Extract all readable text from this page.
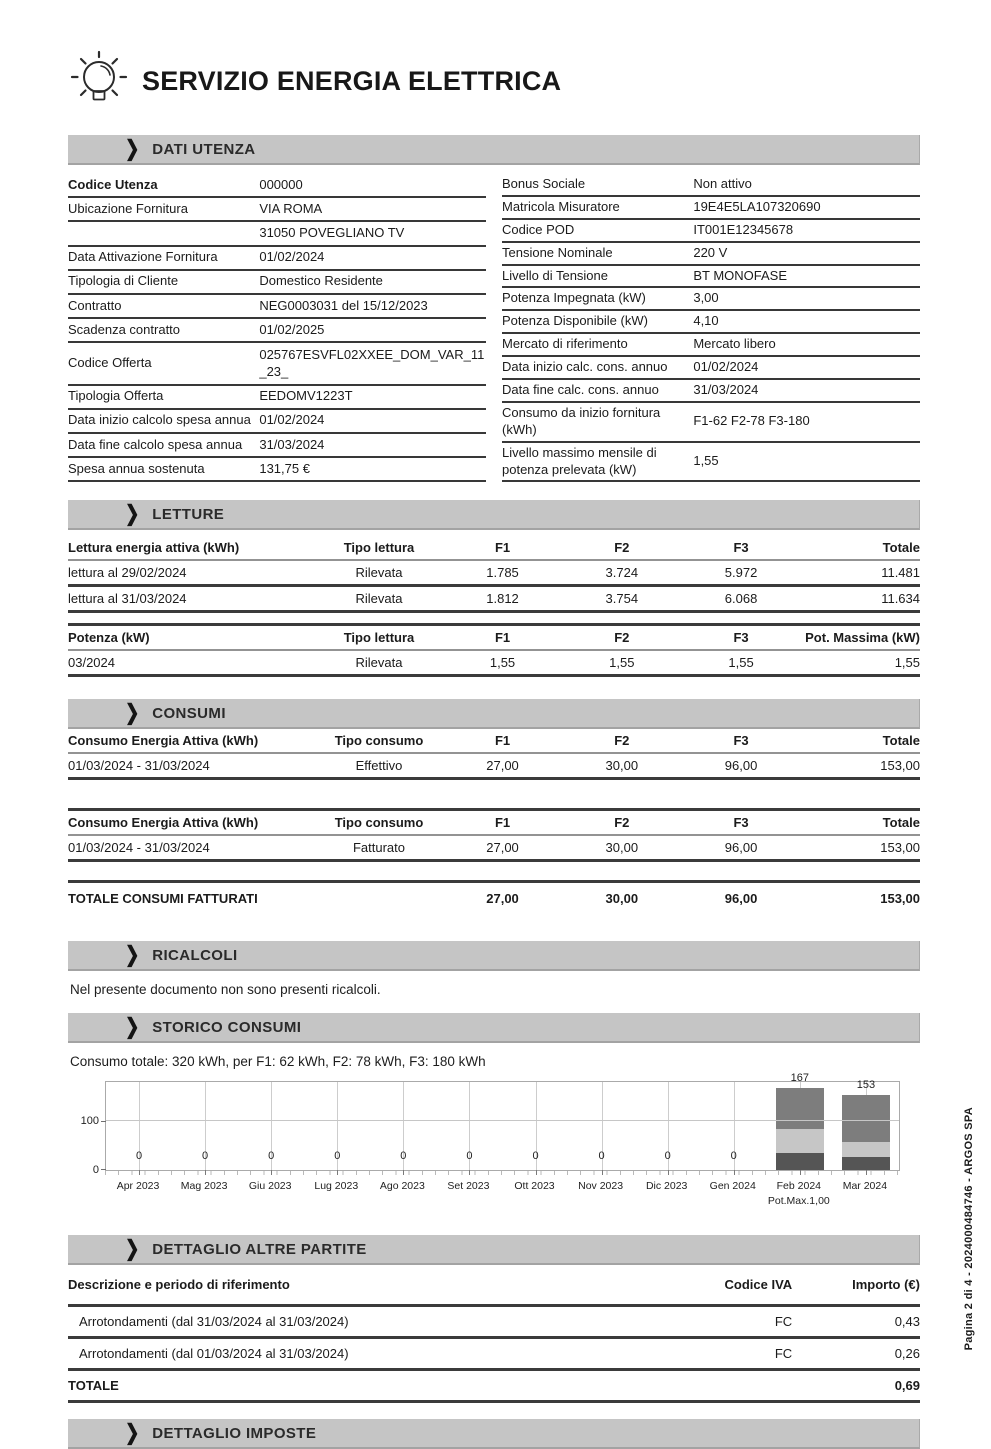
SERVIZIO ENERGIA ELETTRICA
❯ DATI UTENZA
Codice Utenza	000000
Ubicazione Fornitura	VIA ROMA
	31050 POVEGLIANO TV
Data Attivazione Fornitura	01/02/2024
Tipologia di Cliente	Domestico Residente
Contratto	NEG0003031 del 15/12/2023
Scadenza contratto	01/02/2025
Codice Offerta	025767ESVFL02XXEE_DOM_VAR_11_23_
Tipologia Offerta	EEDOMV1223T
Data inizio calcolo spesa annua	01/02/2024
Data fine calcolo spesa annua	31/03/2024
Spesa annua sostenuta	131,75 €
Bonus Sociale	Non attivo
Matricola Misuratore	19E4E5LA107320690
Codice POD	IT001E12345678
Tensione Nominale	220 V
Livello di Tensione	BT MONOFASE
Potenza Impegnata (kW)	3,00
Potenza Disponibile (kW)	4,10
Mercato di riferimento	Mercato libero
Data inizio calc. cons. annuo	01/02/2024
Data fine calc. cons. annuo	31/03/2024
Consumo da inizio fornitura (kWh)	F1-62 F2-78 F3-180
Livello massimo mensile di potenza prelevata (kW)	1,55
❯ LETTURE
Lettura energia attiva (kWh)	Tipo lettura	F1	F2	F3	Totale
lettura al 29/02/2024	Rilevata	1.785	3.724	5.972	11.481
lettura al 31/03/2024	Rilevata	1.812	3.754	6.068	11.634
Potenza (kW)	Tipo lettura	F1	F2	F3	Pot. Massima (kW)
03/2024	Rilevata	1,55	1,55	1,55	1,55
❯ CONSUMI
Consumo Energia Attiva (kWh)	Tipo consumo	F1	F2	F3	Totale
01/03/2024 - 31/03/2024	Effettivo	27,00	30,00	96,00	153,00
Consumo Energia Attiva (kWh)	Tipo consumo	F1	F2	F3	Totale
01/03/2024 - 31/03/2024	Fatturato	27,00	30,00	96,00	153,00
TOTALE CONSUMI FATTURATI	27,00	30,00	96,00	153,00
❯ RICALCOLI
Nel presente documento non sono presenti ricalcoli.
❯ STORICO CONSUMI
Consumo totale: 320 kWh, per F1: 62 kWh, F2: 78 kWh, F3: 180 kWh
0	0	0	0	0	0	0	0	0	0
167
153
0
100
Apr 2023	Mag 2023	Giu 2023	Lug 2023	Ago 2023	Set 2023	Ott 2023	Nov 2023	Dic 2023	Gen 2024	Feb 2024
Pot.Max.1,00
Mar 2024
❯ DETTAGLIO ALTRE PARTITE
Descrizione e periodo di riferimento	Codice IVA	Importo (€)
Arrotondamenti (dal 31/03/2024 al 31/03/2024)	FC	0,43
Arrotondamenti (dal 01/03/2024 al 31/03/2024)	FC	0,26
TOTALE		0,69
❯ DETTAGLIO IMPOSTE
Pagina 2 di 4 - 2024000484746 - ARGOS SPA
